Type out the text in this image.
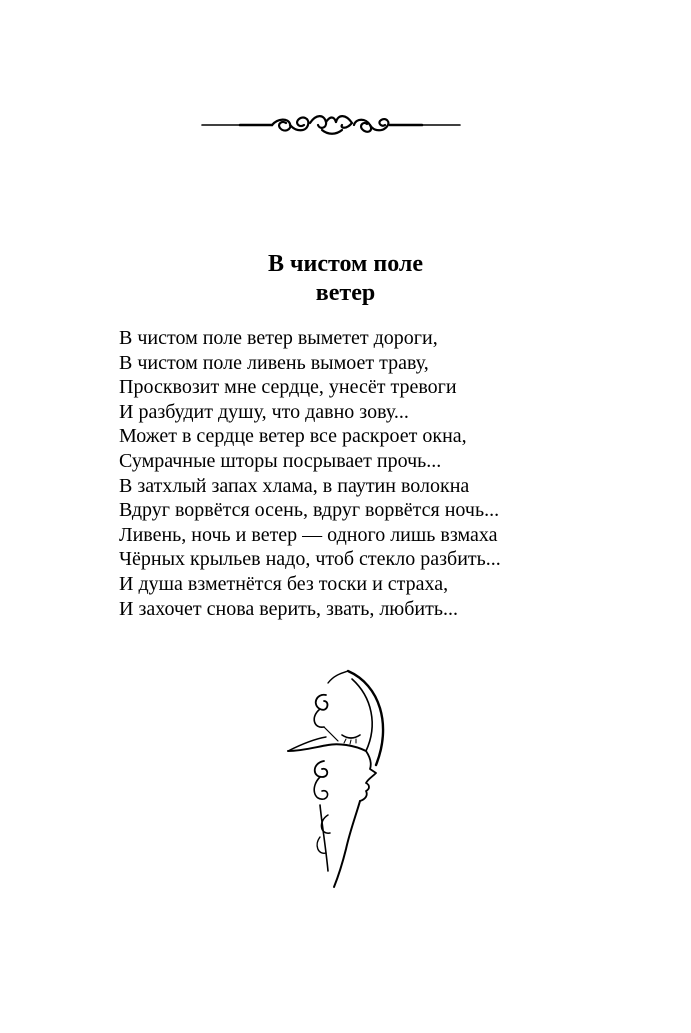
В чистом поле
ветер
В чистом поле ветер выметет дороги,
В чистом поле ливень вымоет траву,
Просквозит мне сердце, унесёт тревоги
И разбудит душу, что давно зову...
Может в сердце ветер все раскроет окна,
Сумрачные шторы посрывает прочь...
В затхлый запах хлама, в паутин волокна
Вдруг ворвётся осень, вдруг ворвётся ночь...
Ливень, ночь и ветер — одного лишь взмаха
Чёрных крыльев надо, чтоб стекло разбить...
И душа взметнётся без тоски и страха,
И захочет снова верить, звать, любить...
